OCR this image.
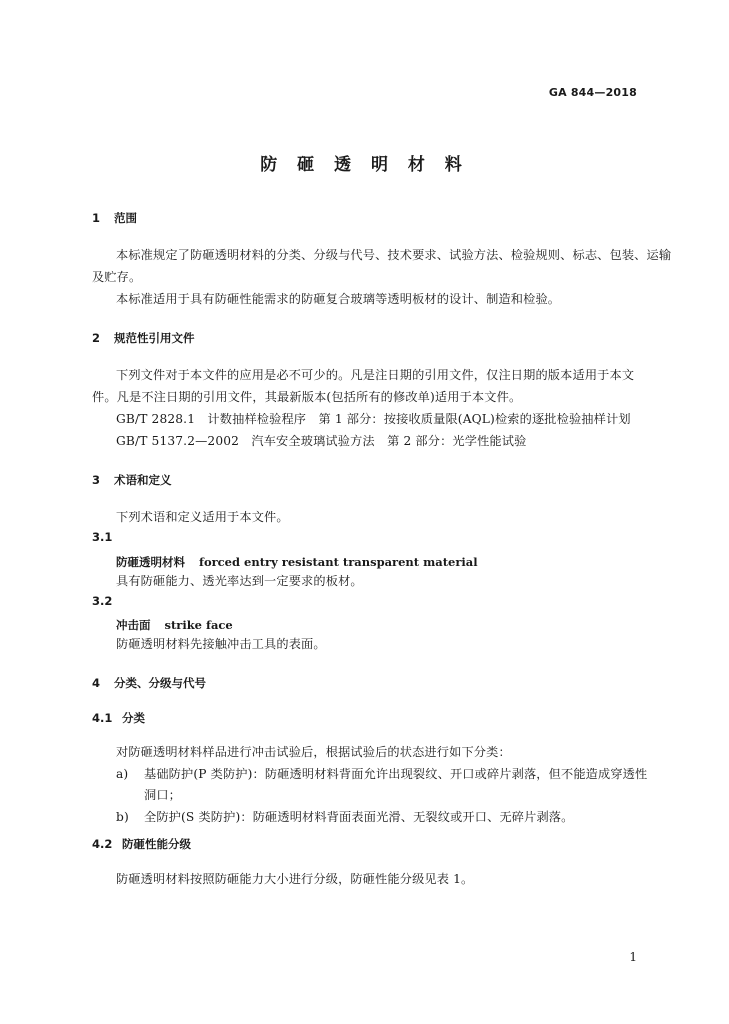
GA 844—2018
防 砸 透 明 材 料
1 范围
本标准规定了防砸透明材料的分类、分级与代号、技术要求、试验方法、检验规则、标志、包装、运输
及贮存。
本标准适用于具有防砸性能需求的防砸复合玻璃等透明板材的设计、制造和检验。
2 规范性引用文件
下列文件对于本文件的应用是必不可少的。凡是注日期的引用文件，仅注日期的版本适用于本文
件。凡是不注日期的引用文件，其最新版本(包括所有的修改单)适用于本文件。
GB/T 2828.1　计数抽样检验程序　第 1 部分：按接收质量限(AQL)检索的逐批检验抽样计划
GB/T 5137.2—2002　汽车安全玻璃试验方法　第 2 部分：光学性能试验
3 术语和定义
下列术语和定义适用于本文件。
3.1
防砸透明材料 forced entry resistant transparent material
具有防砸能力、透光率达到一定要求的板材。
3.2
冲击面 strike face
防砸透明材料先接触冲击工具的表面。
4 分类、分级与代号
4.1 分类
对防砸透明材料样品进行冲击试验后，根据试验后的状态进行如下分类：
a) 基础防护(P 类防护)：防砸透明材料背面允许出现裂纹、开口或碎片剥落，但不能造成穿透性
洞口；
b) 全防护(S 类防护)：防砸透明材料背面表面光滑、无裂纹或开口、无碎片剥落。
4.2 防砸性能分级
防砸透明材料按照防砸能力大小进行分级，防砸性能分级见表 1。
1
